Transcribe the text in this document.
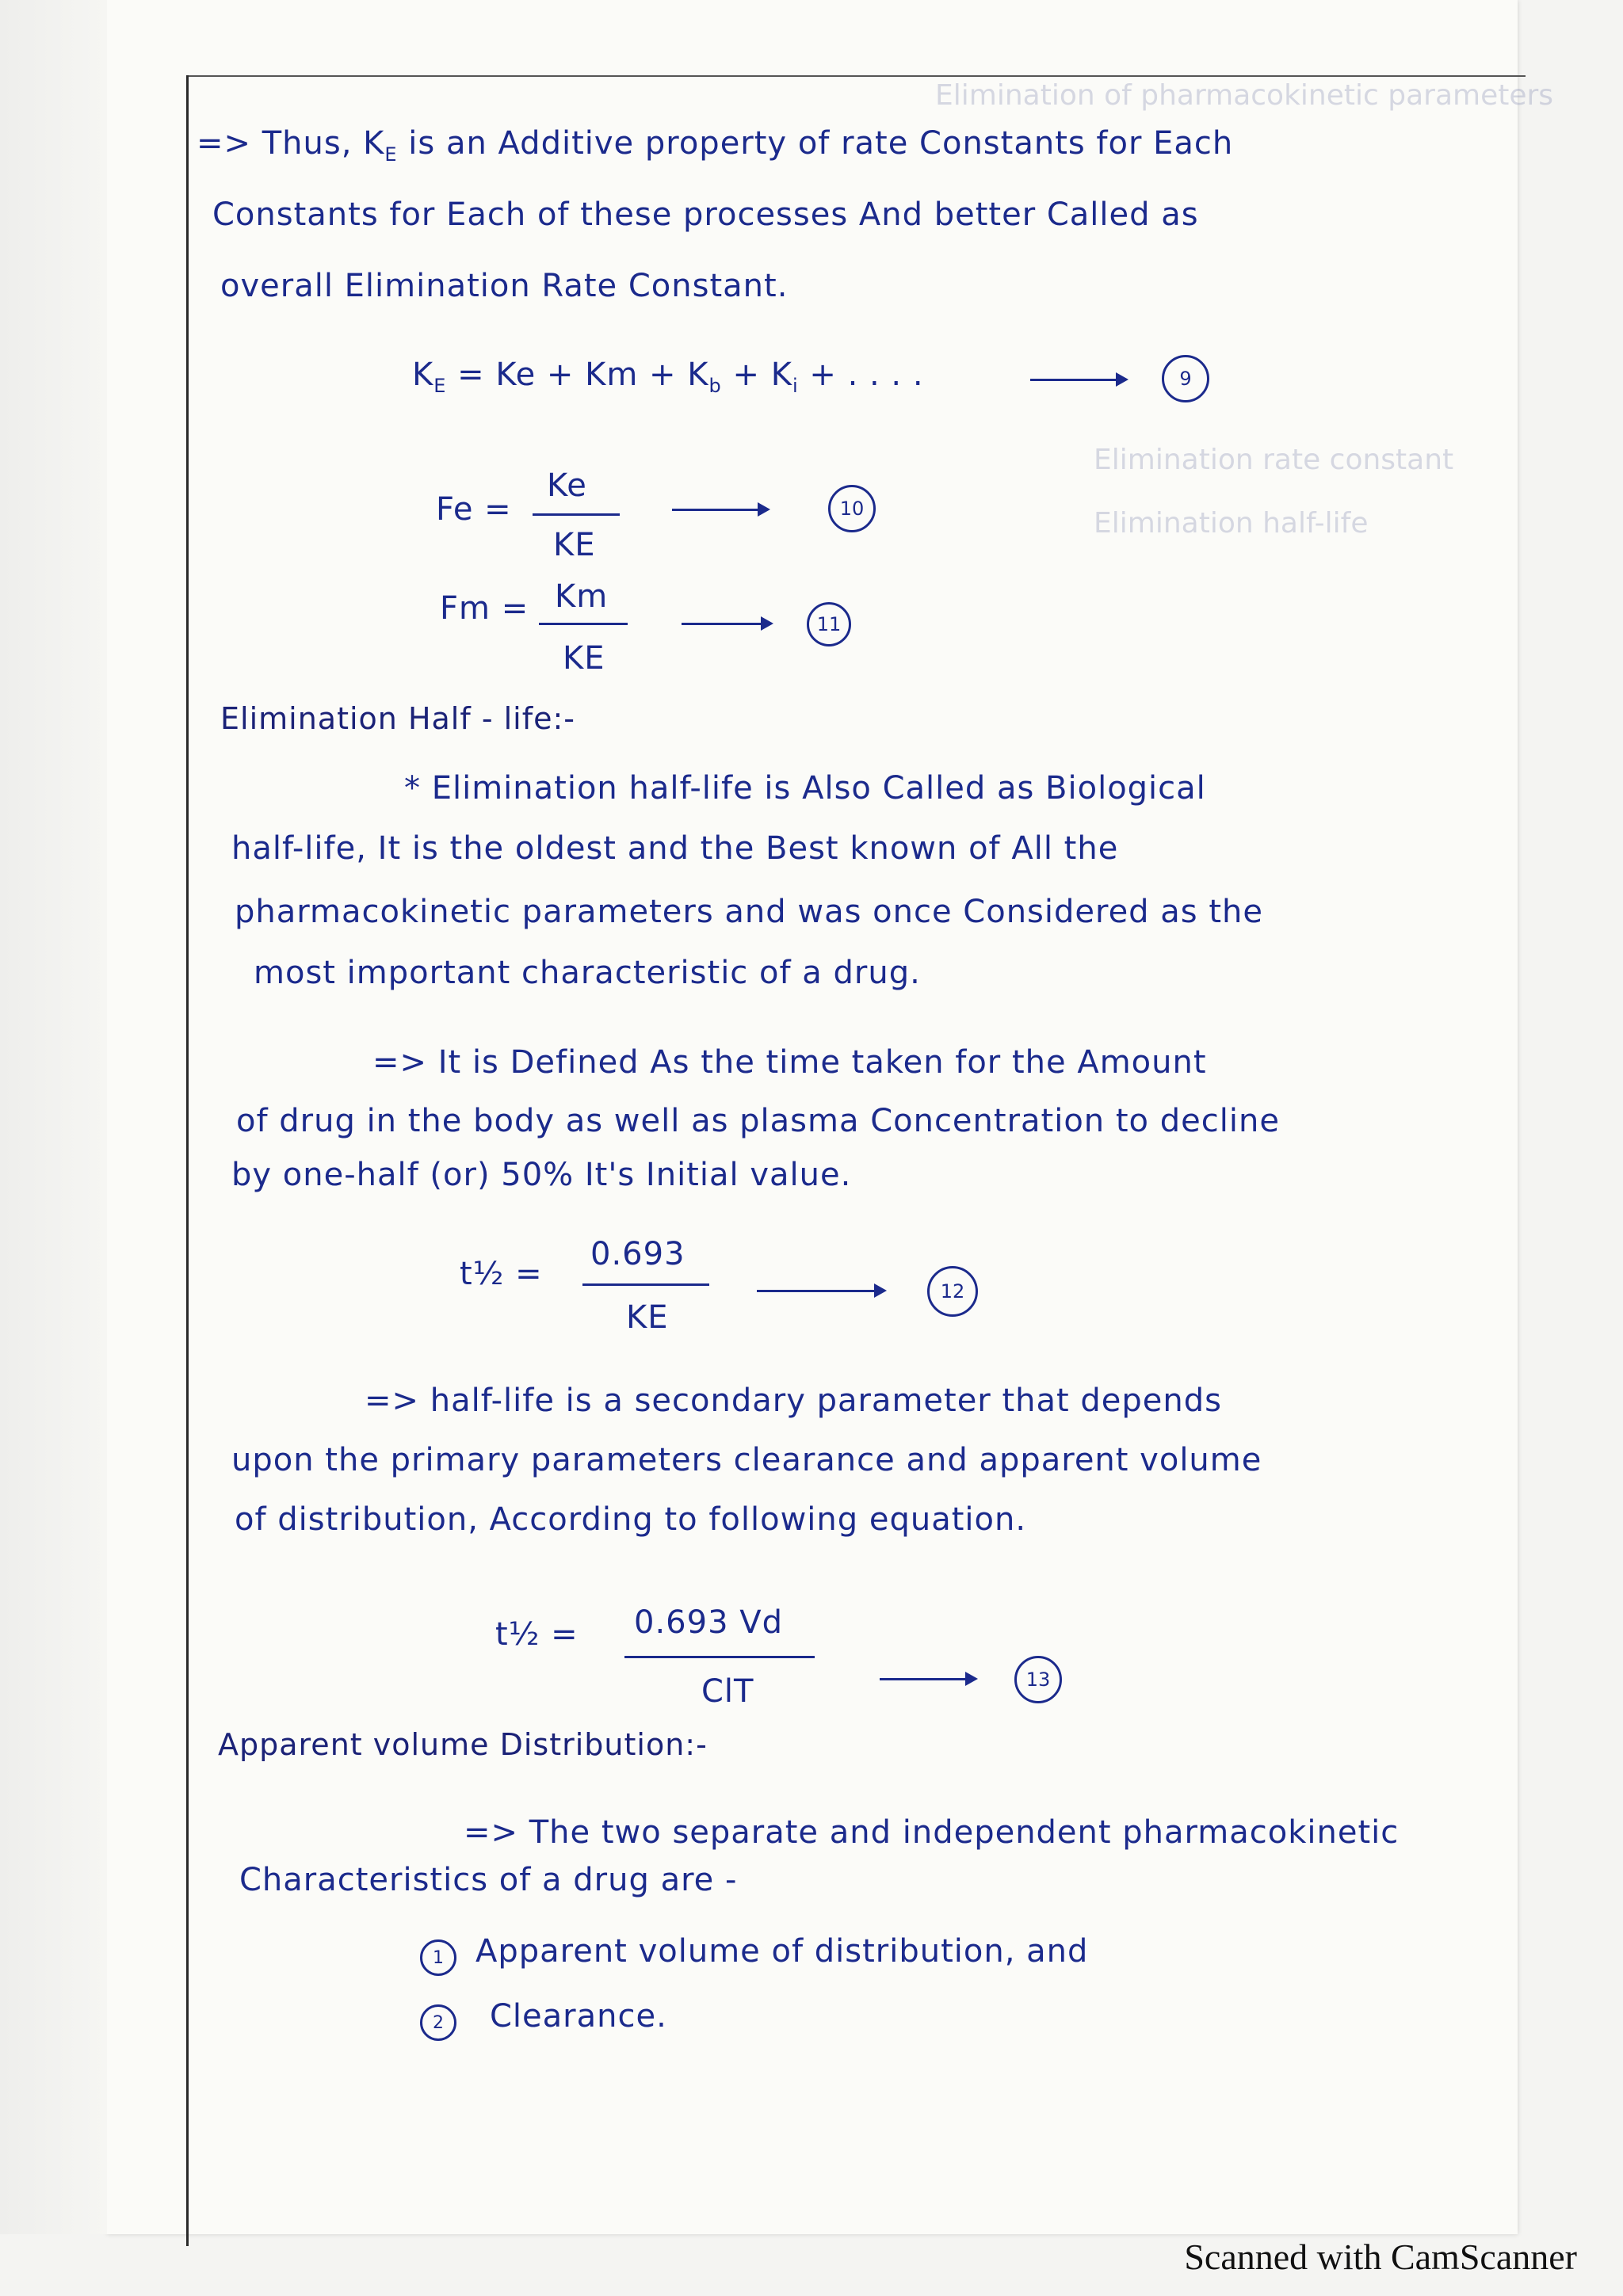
Elimination of pharmacokinetic parameters
Elimination rate constant
Elimination half-life
=> Thus, $K_E$ is an Additive property of rate Constants for Each
Constants for Each of these processes And better Called as
overall Elimination Rate Constant.
$K_E = Ke + Km + K_b + K_i$ + . . . .	9
Fe =
Ke
KE
10
Fm = Km
KE
11
Elimination Half - life:-
* Elimination half-life is Also Called as Biological
half-life, It is the oldest and the Best known of All the
pharmacokinetic parameters and was once Considered as the
most important characteristic of a drug.
=> It is Defined As the time taken for the Amount
of drug in the body as well as plasma Concentration to decline
by one-half (or) 50% It's Initial value.
t½ =
0.693
KE
12
=> half-life is a secondary parameter that depends
upon the primary parameters clearance and apparent volume
of distribution, According to following equation.
t½ = 0.693 Vd
ClT	13
Apparent volume Distribution:-
=> The two separate and independent pharmacokinetic
Characteristics of a drug are -
1	Apparent volume of distribution, and
2	Clearance.
Scanned with CamScanner
